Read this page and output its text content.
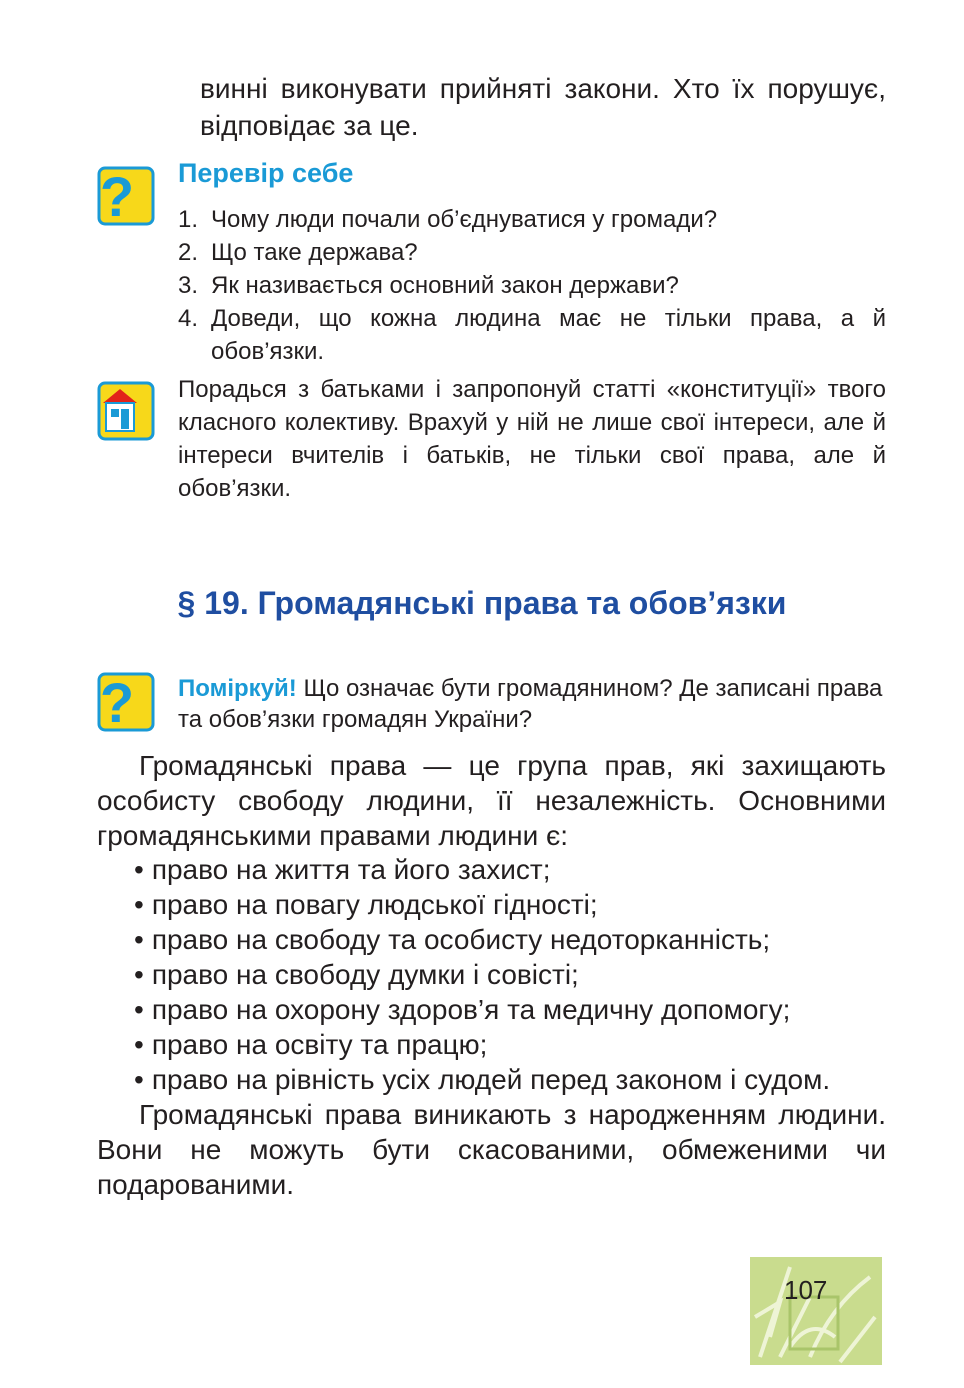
винні виконувати прийняті закони. Хто їх порушує, відповідає за це.
? Перевір себе
1. Чому люди почали об’єднуватися у громади?
2. Що таке держава?
3. Як називається основний закон держави?
4. Доведи, що кожна людина має не тільки права, а й обов’язки.
Порадься з батьками і запропонуй статті «конституції» твого класного колективу. Врахуй у ній не лише свої інтереси, але й інтереси вчителів і батьків, не тільки свої права, але й обов’язки.
§ 19. Громадянські права та обов’язки
? Поміркуй! Що означає бути громадянином? Де записані права та обов’язки громадян України?
Громадянські права — це група прав, які захищають особисту свободу людини, її незалежність. Основними громадянськими правами людини є:
• право на життя та його захист;
• право на повагу людської гідності;
• право на свободу та особисту недоторканність;
• право на свободу думки і совісті;
• право на охорону здоров’я та медичну допомогу;
• право на освіту та працю;
• право на рівність усіх людей перед законом і судом.
Громадянські права виникають з народженням людини. Вони не можуть бути скасованими, обмеженими чи подарованими.
107
